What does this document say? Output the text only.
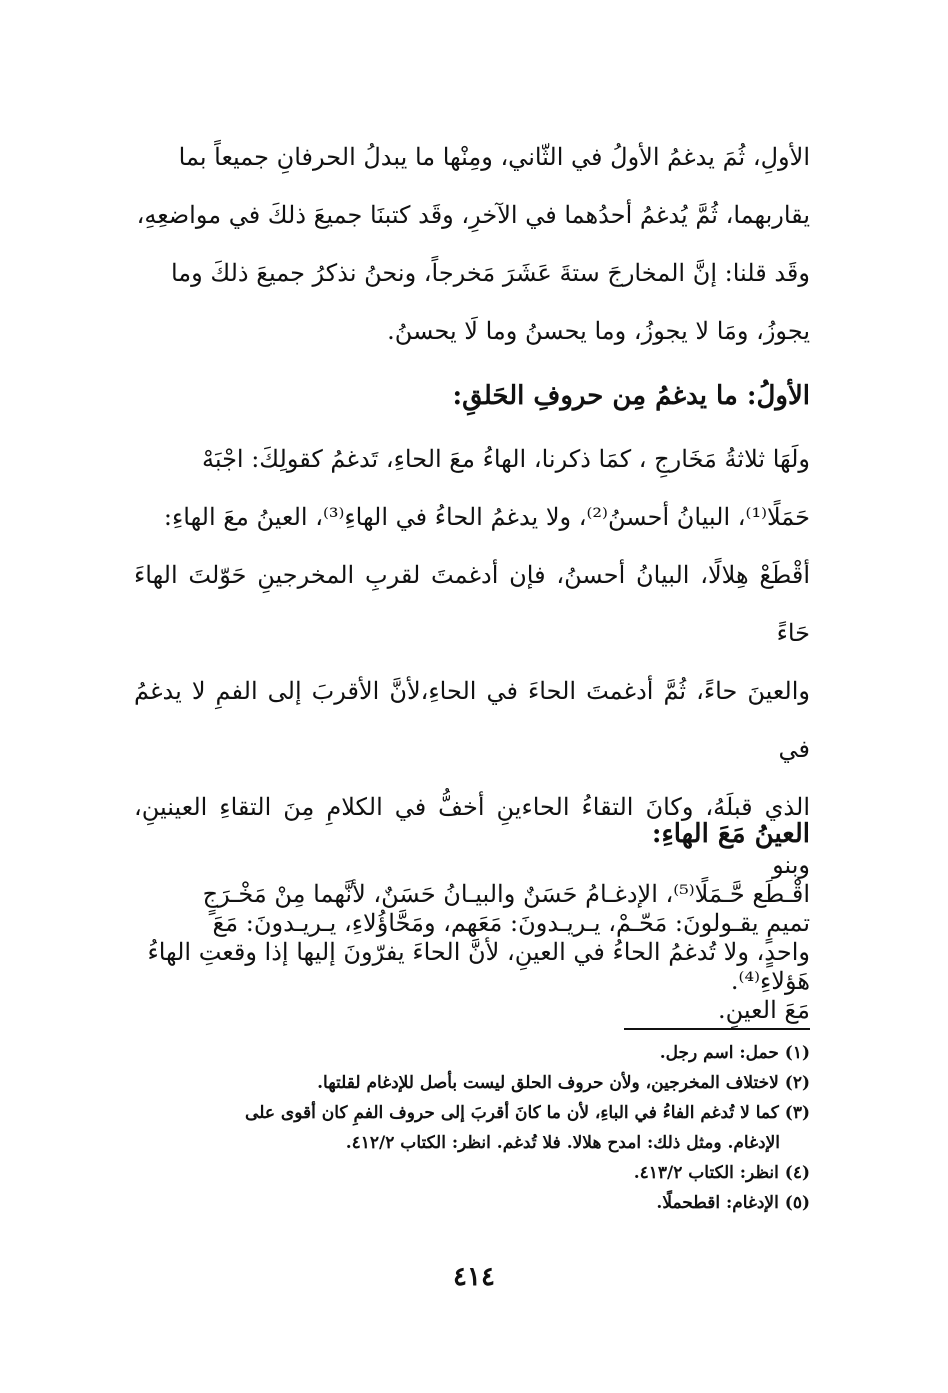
الأولِ، ثُمَ يدغمُ الأولُ في الثّاني، ومِنْها ما يبدلُ الحرفانِ جميعاً بما

يقاربهما، ثُمَّ يُدغمُ أحدُهما في الآخرِ، وقَد كتبنَا جميعَ ذلكَ في مواضعِهِ،

وقَد قلنا: إنَّ المخارجَ ستةَ عَشَرَ مَخرجاً، ونحنُ نذكرُ جميعَ ذلكَ وما

يجوزُ، ومَا لا يجوزُ، وما يحسنُ وما لَا يحسنُ.

الأولُ: ما يدغمُ مِن حروفِ الحَلقِ:

ولَهَا ثلاثةُ مَخَارجِ ، كمَا ذكرنا، الهاءُ معَ الحاءِ، تَدغمُ كقولِكَ: اجْبَهْ

حَمَلًا⁽¹⁾، البيانُ أحسنُ⁽²⁾، ولا يدغمُ الحاءُ في الهاءِ⁽³⁾، العينُ معَ الهاءِ:

أقْطَعْ هِلالًا، البيانُ أحسنُ، فإن أدغمتَ لقربِ المخرجينِ حَوّلتَ الهاءَ حَاءً

والعينَ حاءً، ثُمَّ أدغمتَ الحاءَ في الحاءِ،لأنَّ الأقربَ إلى الفمِ لا يدغمُ في

الذي قبلَهُ، وكانَ التقاءُ الحاءينِ أخفُّ في الكلامِ مِنَ التقاءِ العينينِ، وبنو

تميمٍ يقـولونَ: مَحّـمْ، يـريـدونَ: مَعَهم، ومَحَّاؤُلاءِ، يـريـدونَ: مَعَ

هَؤلاءِ⁽⁴⁾.

العينُ مَعَ الهاءِ:

اقْـطَع حَّـمَلًا⁽⁵⁾، الإدغـامُ حَسَنٌ والبيـانُ حَسَنٌ، لأنَّهما مِنْ مَخْـرَجٍ

واحدٍ، ولا تُدغمُ الحاءُ في العينِ، لأنَّ الحاءَ يفرّونَ إليها إذا وقعتِ الهاءُ

مَعَ العينِ.

(١) حمل: اسم رجل.

(٢) لاختلاف المخرجين، ولأن حروف الحلق ليست بأصل للإدغام لقلتها.

(٣) كما لا تُدغم الفاءُ في الباءِ، لأن ما كانَ أقربَ إلى حروف الفمِ كان أقوى على

الإدغام. ومثل ذلك: امدح هلالا. فلا تُدغم. انظر: الكتاب ٤١٢/٢.

(٤) انظر: الكتاب ٤١٣/٢.

(٥) الإدغام: اقطحملًا.

٤١٤
